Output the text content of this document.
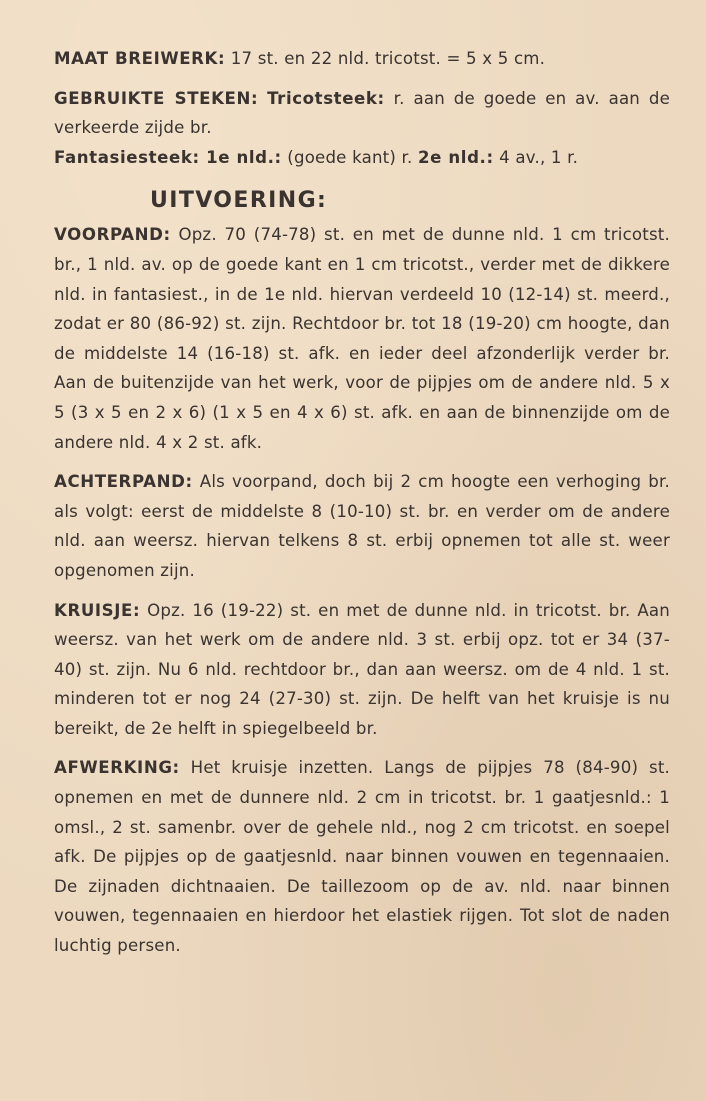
MAAT BREIWERK: 17 st. en 22 nld. tricotst. = 5 x 5 cm.

GEBRUIKTE STEKEN: Tricotsteek: r. aan de goede en av. aan de verkeerde zijde br.
Fantasiesteek: 1e nld.: (goede kant) r. 2e nld.: 4 av., 1 r.

UITVOERING:

VOORPAND: Opz. 70 (74-78) st. en met de dunne nld. 1 cm tricotst. br., 1 nld. av. op de goede kant en 1 cm tricotst., verder met de dikkere nld. in fantasiest., in de 1e nld. hiervan verdeeld 10 (12-14) st. meerd., zodat er 80 (86-92) st. zijn. Rechtdoor br. tot 18 (19-20) cm hoogte, dan de middelste 14 (16-18) st. afk. en ieder deel afzonderlijk verder br. Aan de buitenzijde van het werk, voor de pijpjes om de andere nld. 5 x 5 (3 x 5 en 2 x 6) (1 x 5 en 4 x 6) st. afk. en aan de binnenzijde om de andere nld. 4 x 2 st. afk.

ACHTERPAND: Als voorpand, doch bij 2 cm hoogte een verhoging br. als volgt: eerst de middelste 8 (10-10) st. br. en verder om de andere nld. aan weersz. hiervan telkens 8 st. erbij opnemen tot alle st. weer opgenomen zijn.

KRUISJE: Opz. 16 (19-22) st. en met de dunne nld. in tricotst. br. Aan weersz. van het werk om de andere nld. 3 st. erbij opz. tot er 34 (37-40) st. zijn. Nu 6 nld. rechtdoor br., dan aan weersz. om de 4 nld. 1 st. minderen tot er nog 24 (27-30) st. zijn. De helft van het kruisje is nu bereikt, de 2e helft in spiegelbeeld br.

AFWERKING: Het kruisje inzetten. Langs de pijpjes 78 (84-90) st. opnemen en met de dunnere nld. 2 cm in tricotst. br. 1 gaatjesnld.: 1 omsl., 2 st. samenbr. over de gehele nld., nog 2 cm tricotst. en soepel afk. De pijpjes op de gaatjesnld. naar binnen vouwen en tegennaaien. De zijnaden dichtnaaien. De taillezoom op de av. nld. naar binnen vouwen, tegennaaien en hierdoor het elastiek rijgen. Tot slot de naden luchtig persen.
